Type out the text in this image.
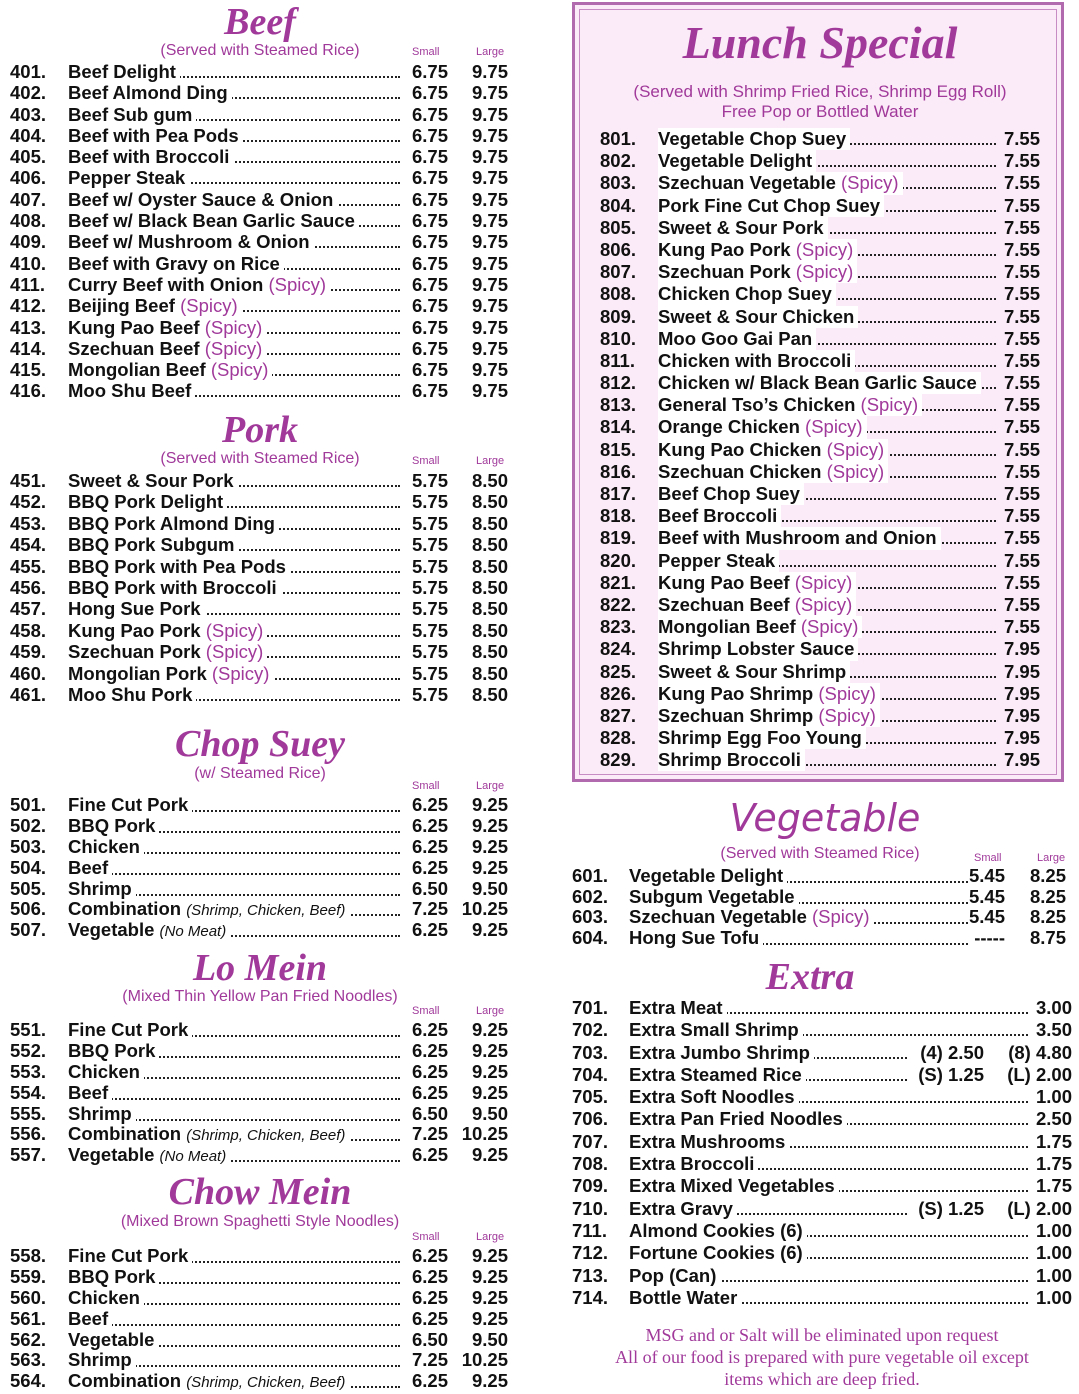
Beef
(Served with Steamed Rice)	Small	Large
401. Beef Delight	6.75 9.75
402. Beef Almond Ding	6.75 9.75
403. Beef Sub gum	6.75 9.75
404. Beef with Pea Pods	6.75 9.75
405. Beef with Broccoli	6.75 9.75
406. Pepper Steak	6.75 9.75
407. Beef w/ Oyster Sauce & Onion	6.75 9.75
408. Beef w/ Black Bean Garlic Sauce	6.75 9.75
409. Beef w/ Mushroom & Onion	6.75 9.75
410. Beef with Gravy on Rice	6.75 9.75
411. Curry Beef with Onion (Spicy)	6.75 9.75
412. Beijing Beef (Spicy)	6.75 9.75
413. Kung Pao Beef (Spicy)	6.75 9.75
414. Szechuan Beef (Spicy)	6.75 9.75
415. Mongolian Beef (Spicy)	6.75 9.75
416. Moo Shu Beef	6.75 9.75
Pork
(Served with Steamed Rice)	Small	Large
451. Sweet & Sour Pork	5.75 8.50
452. BBQ Pork Delight	5.75 8.50
453. BBQ Pork Almond Ding	5.75 8.50
454. BBQ Pork Subgum	5.75 8.50
455. BBQ Pork with Pea Pods	5.75 8.50
456. BBQ Pork with Broccoli	5.75 8.50
457. Hong Sue Pork	5.75 8.50
458. Kung Pao Pork (Spicy)	5.75 8.50
459. Szechuan Pork (Spicy)	5.75 8.50
460. Mongolian Pork (Spicy)	5.75 8.50
461. Moo Shu Pork	5.75 8.50
Chop Suey
(w/ Steamed Rice)
Small	Large
501. Fine Cut Pork	6.25 9.25
502. BBQ Pork	6.25 9.25
503. Chicken	6.25 9.25
504. Beef	6.25 9.25
505. Shrimp	6.50 9.50
506. Combination (Shrimp, Chicken, Beef)	7.25 10.25
507. Vegetable (No Meat)	6.25 9.25
Lo Mein
(Mixed Thin Yellow Pan Fried Noodles)
Small	Large
551. Fine Cut Pork	6.25 9.25
552. BBQ Pork	6.25 9.25
553. Chicken	6.25 9.25
554. Beef	6.25 9.25
555. Shrimp	6.50 9.50
556. Combination (Shrimp, Chicken, Beef)	7.25 10.25
557. Vegetable (No Meat)	6.25 9.25
Chow Mein
(Mixed Brown Spaghetti Style Noodles)
Small	Large
558. Fine Cut Pork	6.25 9.25
559. BBQ Pork	6.25 9.25
560. Chicken	6.25 9.25
561. Beef	6.25 9.25
562. Vegetable	6.50 9.50
563. Shrimp	7.25 10.25
564. Combination (Shrimp, Chicken, Beef)	6.25 9.25
Lunch Special
(Served with Shrimp Fried Rice, Shrimp Egg Roll)
Free Pop or Bottled Water
801. Vegetable Chop Suey	7.55
802. Vegetable Delight	7.55
803. Szechuan Vegetable (Spicy)	7.55
804. Pork Fine Cut Chop Suey	7.55
805. Sweet & Sour Pork	7.55
806. Kung Pao Pork (Spicy)	7.55
807. Szechuan Pork (Spicy)	7.55
808. Chicken Chop Suey	7.55
809. Sweet & Sour Chicken	7.55
810. Moo Goo Gai Pan	7.55
811. Chicken with Broccoli	7.55
812. Chicken w/ Black Bean Garlic Sauce 7.55
813. General Tso’s Chicken (Spicy)	7.55
814. Orange Chicken (Spicy)	7.55
815. Kung Pao Chicken (Spicy)	7.55
816. Szechuan Chicken (Spicy)	7.55
817. Beef Chop Suey	7.55
818. Beef Broccoli	7.55
819. Beef with Mushroom and Onion	7.55
820. Pepper Steak	7.55
821. Kung Pao Beef (Spicy)	7.55
822. Szechuan Beef (Spicy)	7.55
823. Mongolian Beef (Spicy)	7.55
824. Shrimp Lobster Sauce	7.95
825. Sweet & Sour Shrimp	7.95
826. Kung Pao Shrimp (Spicy)	7.95
827. Szechuan Shrimp (Spicy)	7.95
828. Shrimp Egg Foo Young	7.95
829. Shrimp Broccoli	7.95
Vegetable
(Served with Steamed Rice)	Small	Large
601. Vegetable Delight	5.45 8.25
602. Subgum Vegetable	5.45 8.25
603. Szechuan Vegetable (Spicy)	5.45 8.25
604. Hong Sue Tofu	----- 8.75
Extra
701. Extra Meat	3.00
702. Extra Small Shrimp	3.50
703. Extra Jumbo Shrimp	(4) 2.50 (8) 4.80
704. Extra Steamed Rice	(S) 1.25 (L) 2.00
705. Extra Soft Noodles	1.00
706. Extra Pan Fried Noodles	2.50
707. Extra Mushrooms	1.75
708. Extra Broccoli	1.75
709. Extra Mixed Vegetables	1.75
710. Extra Gravy	(S) 1.25 (L) 2.00
711. Almond Cookies (6)	1.00
712. Fortune Cookies (6)	1.00
713. Pop (Can)	1.00
714. Bottle Water	1.00
MSG and or Salt will be eliminated upon request
All of our food is prepared with pure vegetable oil except
items which are deep fried.
